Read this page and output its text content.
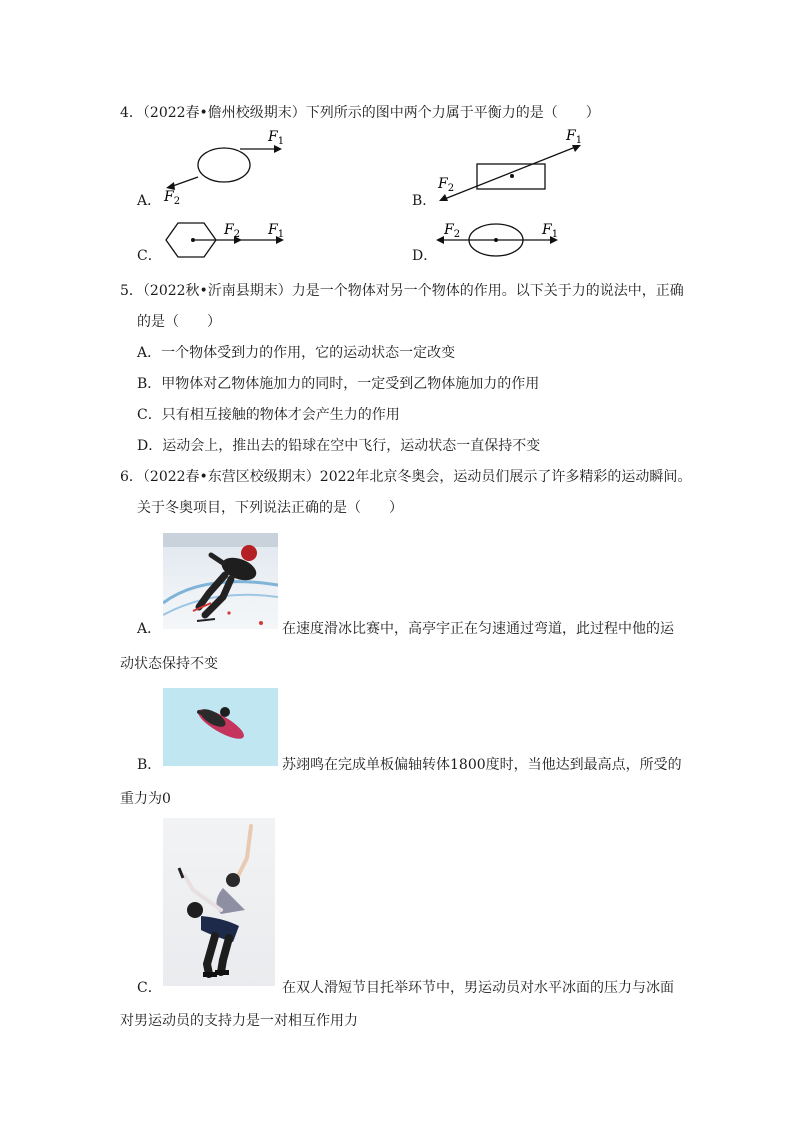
4．（2022春•儋州校级期末）下列所示的图中两个力属于平衡力的是（　　）
A．
$F_1$
$F_2$	B．
$F_1$
$F_2$
C．
$F_2$ $F_1$
D．
$F_2$	$F_1$
5．（2022秋•沂南县期末）力是一个物体对另一个物体的作用。以下关于力的说法中，正确
的是（　　）
A．一个物体受到力的作用，它的运动状态一定改变
B．甲物体对乙物体施加力的同时，一定受到乙物体施加力的作用
C．只有相互接触的物体才会产生力的作用
D．运动会上，推出去的铅球在空中飞行，运动状态一直保持不变
6．（2022春•东营区校级期末）2022年北京冬奥会，运动员们展示了许多精彩的运动瞬间。
关于冬奥项目，下列说法正确的是（　　）
A．	在速度滑冰比赛中，高亭宇正在匀速通过弯道，此过程中他的运
动状态保持不变
B．	苏翊鸣在完成单板偏轴转体1800度时，当他达到最高点，所受的
重力为0
C．	在双人滑短节目托举环节中，男运动员对水平冰面的压力与冰面
对男运动员的支持力是一对相互作用力
